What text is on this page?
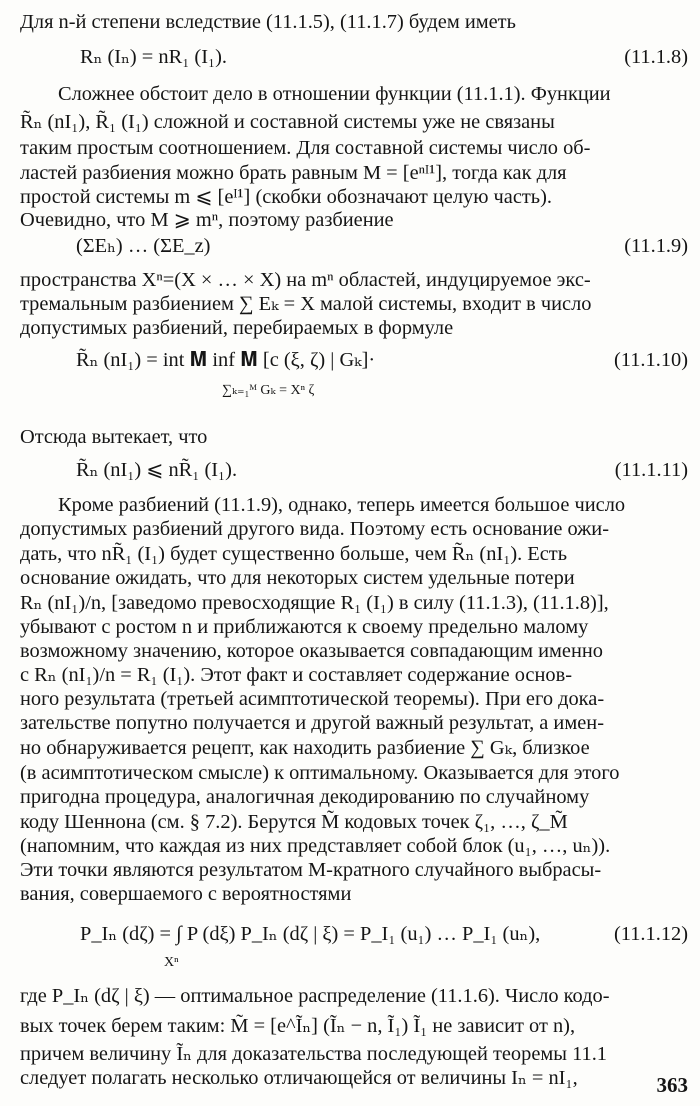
Для n-й степени вследствие (11.1.5), (11.1.7) будем иметь
Rₙ (Iₙ) = nR₁ (I₁).	(11.1.8)
Сложнее обстоит дело в отношении функции (11.1.1). Функции
R̃ₙ (nI₁), R̃₁ (I₁) сложной и составной системы уже не связаны
таким простым соотношением. Для составной системы число об-
ластей разбиения можно брать равным M = [eⁿᴵ¹], тогда как для
простой системы m ⩽ [eᴵ¹] (скобки обозначают целую часть).
Очевидно, что M ⩾ mⁿ, поэтому разбиение
(ΣEₕ) … (ΣE_z)	(11.1.9)
пространства Xⁿ=(X × … × X) на mⁿ областей, индуцируемое экс-
тремальным разбиением ∑ Eₖ = X малой системы, входит в число
допустимых разбиений, перебираемых в формуле
R̃ₙ (nI₁) = int 𝐌 inf 𝐌 [c (ξ, ζ) | Gₖ]·
∑ₖ₌₁ᴹ Gₖ = Xⁿ ζ
(11.1.10)
Отсюда вытекает, что
R̃ₙ (nI₁) ⩽ nR̃₁ (I₁).	(11.1.11)
Кроме разбиений (11.1.9), однако, теперь имеется большое число
допустимых разбиений другого вида. Поэтому есть основание ожи-
дать, что nR̃₁ (I₁) будет существенно больше, чем R̃ₙ (nI₁). Есть
основание ожидать, что для некоторых систем удельные потери
Rₙ (nI₁)/n, [заведомо превосходящие R₁ (I₁) в силу (11.1.3), (11.1.8)],
убывают с ростом n и приближаются к своему предельно малому
возможному значению, которое оказывается совпадающим именно
с Rₙ (nI₁)/n = R₁ (I₁). Этот факт и составляет содержание основ-
ного результата (третьей асимптотической теоремы). При его дока-
зательстве попутно получается и другой важный результат, а имен-
но обнаруживается рецепт, как находить разбиение ∑ Gₖ, близкое
(в асимптотическом смысле) к оптимальному. Оказывается для этого
пригодна процедура, аналогичная декодированию по случайному
коду Шеннона (см. § 7.2). Берутся M̃ кодовых точек ζ₁, …, ζ_M̃
(напомним, что каждая из них представляет собой блок (u₁, …, uₙ)).
Эти точки являются результатом M-кратного случайного выбрасы-
вания, совершаемого с вероятностями
P_Iₙ (dζ) = ∫ P (dξ) P_Iₙ (dζ | ξ) = P_I₁ (u₁) … P_I₁ (uₙ),
Xⁿ
(11.1.12)
где P_Iₙ (dζ | ξ) — оптимальное распределение (11.1.6). Число кодо-
вых точек берем таким: M̃ = [e^Ĩₙ] (Ĩₙ − n, Ĩ₁) Ĩ₁ не зависит от n),
причем величину Ĩₙ для доказательства последующей теоремы 11.1
следует полагать несколько отличающейся от величины Iₙ = nI₁,	363
